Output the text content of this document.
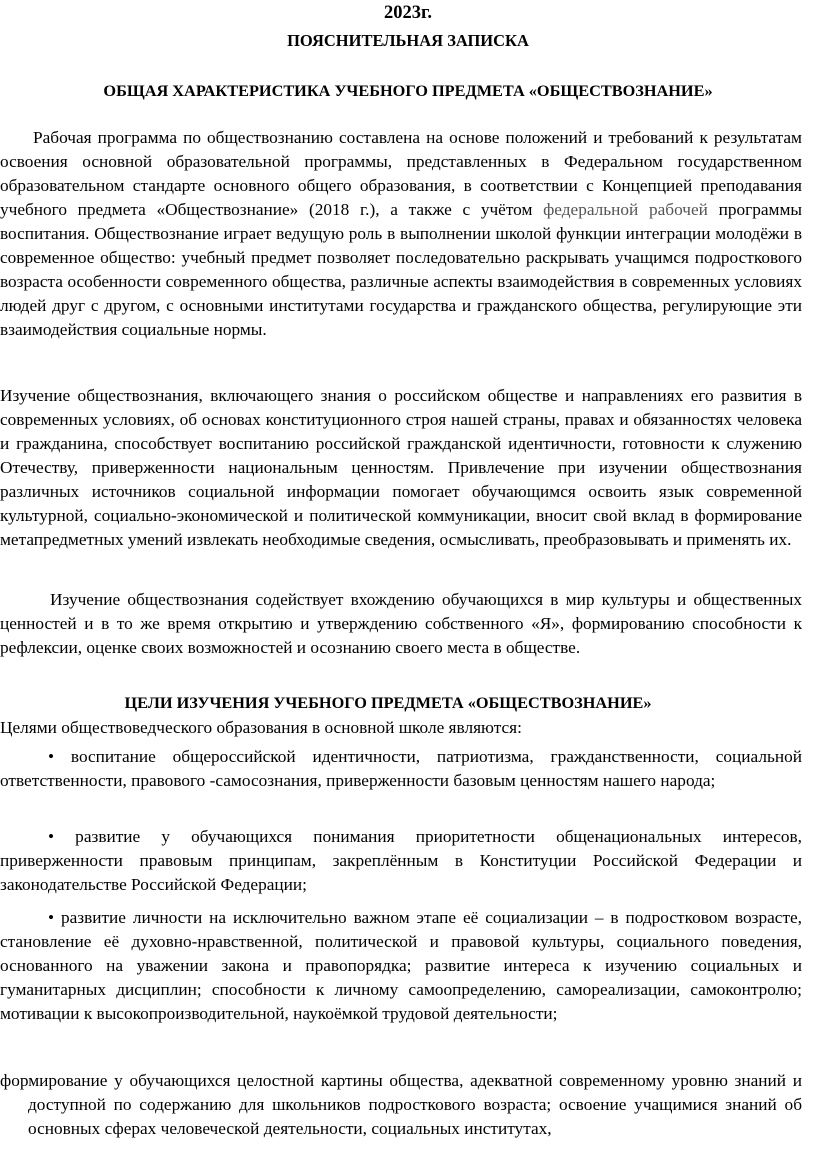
2023г.
ПОЯСНИТЕЛЬНАЯ ЗАПИСКА
ОБЩАЯ ХАРАКТЕРИСТИКА УЧЕБНОГО ПРЕДМЕТА «ОБЩЕСТВОЗНАНИЕ»

Рабочая программа по обществознанию составлена на основе положений и требований к результатам освоения основной образовательной программы, представленных в Федеральном государственном образовательном стандарте основного общего образования, в соответствии с Концепцией преподавания учебного предмета «Обществознание» (2018 г.), а также с учётом федеральной рабочей программы воспитания. Обществознание играет ведущую роль в выполнении школой функции интеграции молодёжи в современное общество: учебный предмет позволяет последовательно раскрывать учащимся подросткового возраста особенности современного общества, различные аспекты взаимодействия в современных условиях людей друг с другом, с основными институтами государства и гражданского общества, регулирующие эти взаимодействия социальные нормы.

Изучение обществознания, включающего знания о российском обществе и направлениях его развития в современных условиях, об основах конституционного строя нашей страны, правах и обязанностях человека и гражданина, способствует воспитанию российской гражданской идентичности, готовности к служению Отечеству, приверженности национальным ценностям. Привлечение при изучении обществознания различных источников социальной информации помогает обучающимся освоить язык современной культурной, социально-экономической и политической коммуникации, вносит свой вклад в формирование метапредметных умений извлекать необходимые сведения, осмысливать, преобразовывать и применять их.

Изучение обществознания содействует вхождению обучающихся в мир культуры и общественных ценностей и в то же время открытию и утверждению собственного «Я», формированию способности к рефлексии, оценке своих возможностей и осознанию своего места в обществе.

ЦЕЛИ ИЗУЧЕНИЯ УЧЕБНОГО ПРЕДМЕТА «ОБЩЕСТВОЗНАНИЕ»

Целями обществоведческого образования в основной школе являются:

• воспитание общероссийской идентичности, патриотизма, гражданственности, социальной ответственности, правового -самосознания, приверженности базовым ценностям нашего народа;

• развитие у обучающихся понимания приоритетности общенациональных интересов, приверженности правовым принципам, закреплённым в Конституции Российской Федерации и законодательстве Российской Федерации;

• развитие личности на исключительно важном этапе её социализации – в подростковом возрасте, становление её духовно-нравственной, политической и правовой культуры, социального поведения, основанного на уважении закона и правопорядка; развитие интереса к изучению социальных и гуманитарных дисциплин; способности к личному самоопределению, самореализации, самоконтролю; мотивации к высокопроизводительной, наукоёмкой трудовой деятельности;

формирование у обучающихся целостной картины общества, адекватной современному уровню знаний и доступной по содержанию для школьников подросткового возраста; освоение учащимися знаний об основных сферах человеческой деятельности, социальных институтах,
